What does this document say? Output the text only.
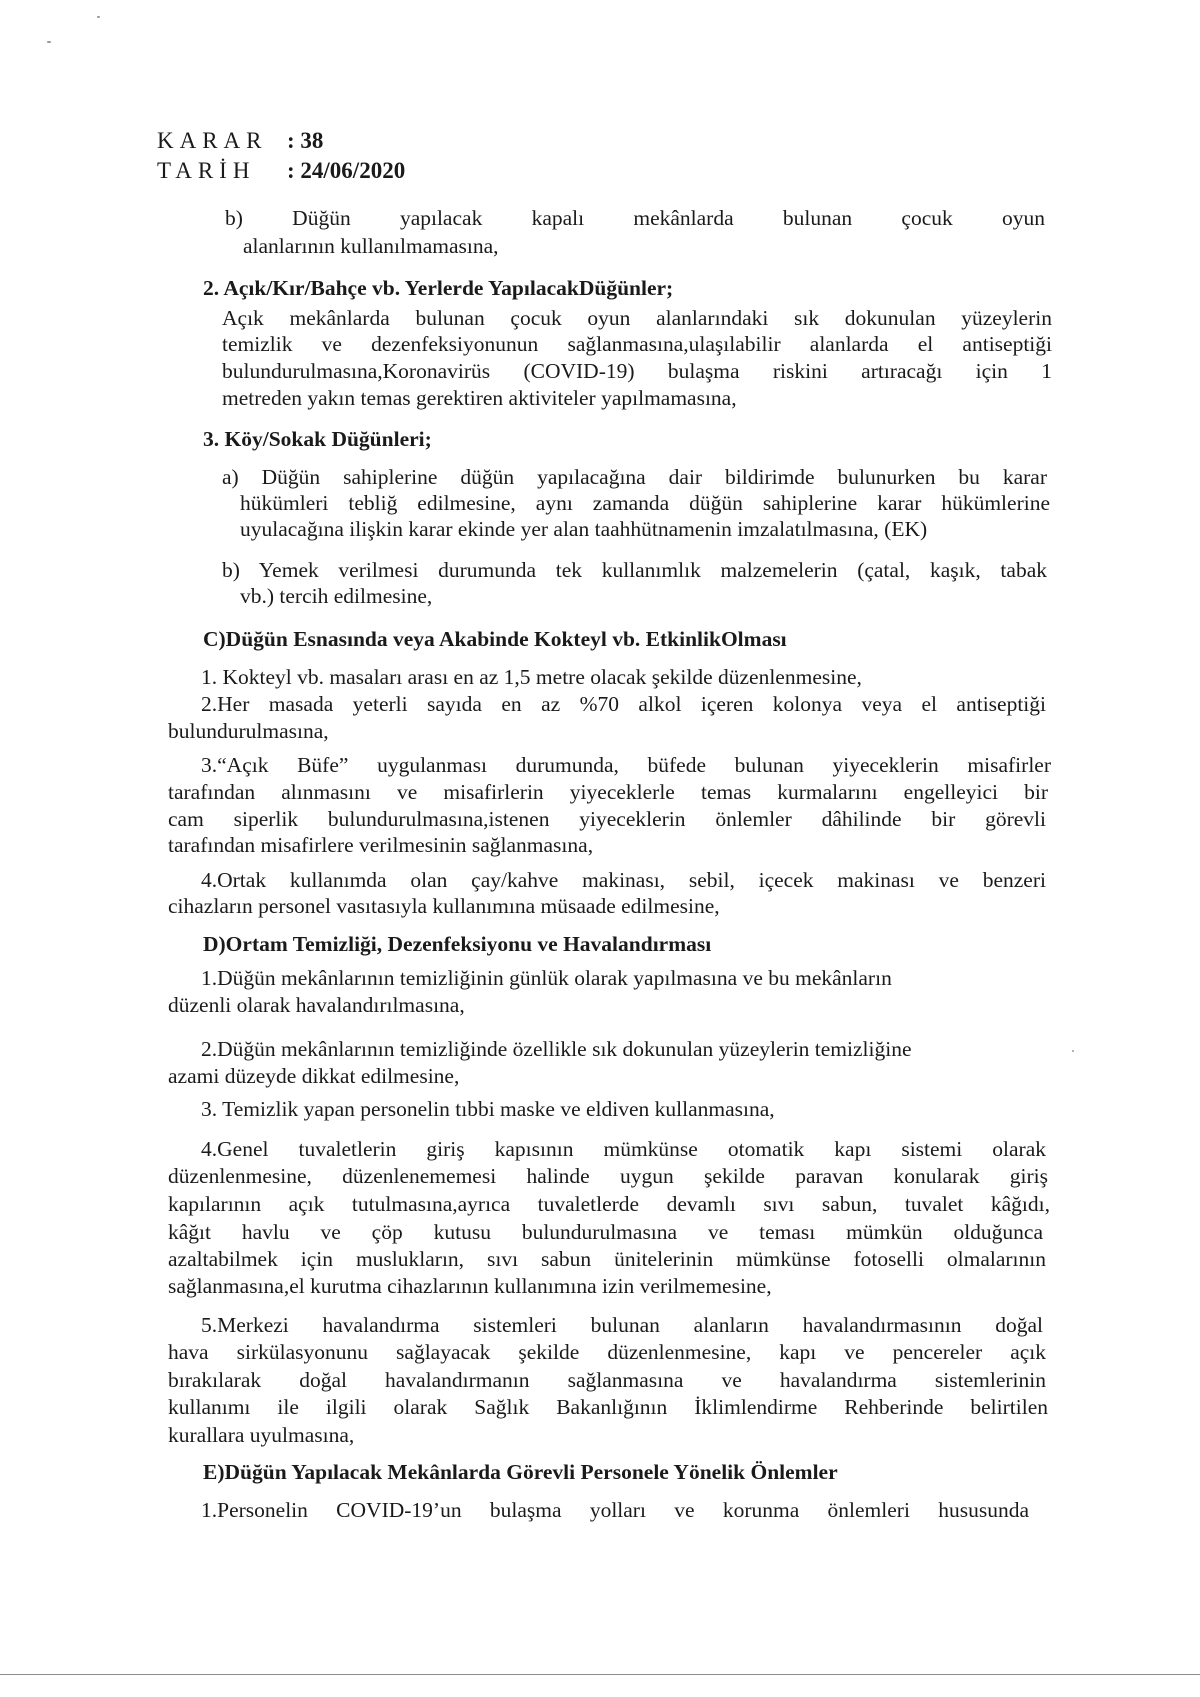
KARAR : 38
TARİH	: 24/06/2020
b) Düğün yapılacak kapalı mekânlarda bulunan çocuk oyun
alanlarının kullanılmamasına,
2. Açık/Kır/Bahçe vb. Yerlerde YapılacakDüğünler;
Açık mekânlarda bulunan çocuk oyun alanlarındaki sık dokunulan yüzeylerin
temizlik ve dezenfeksiyonunun sağlanmasına,ulaşılabilir alanlarda el antiseptiği
bulundurulmasına,Koronavirüs (COVID-19) bulaşma riskini artıracağı için 1
metreden yakın temas gerektiren aktiviteler yapılmamasına,
3. Köy/Sokak Düğünleri;
a) Düğün sahiplerine düğün yapılacağına dair bildirimde bulunurken bu karar
hükümleri tebliğ edilmesine, aynı zamanda düğün sahiplerine karar hükümlerine
uyulacağına ilişkin karar ekinde yer alan taahhütnamenin imzalatılmasına, (EK)
b) Yemek verilmesi durumunda tek kullanımlık malzemelerin (çatal, kaşık, tabak
vb.) tercih edilmesine,
C)Düğün Esnasında veya Akabinde Kokteyl vb. EtkinlikOlması
1. Kokteyl vb. masaları arası en az 1,5 metre olacak şekilde düzenlenmesine,
2.Her masada yeterli sayıda en az %70 alkol içeren kolonya veya el antiseptiği
bulundurulmasına,
3.“Açık Büfe” uygulanması durumunda, büfede bulunan yiyeceklerin misafirler
tarafından alınmasını ve misafirlerin yiyeceklerle temas kurmalarını engelleyici bir
cam siperlik bulundurulmasına,istenen yiyeceklerin önlemler dâhilinde bir görevli
tarafından misafirlere verilmesinin sağlanmasına,
4.Ortak kullanımda olan çay/kahve makinası, sebil, içecek makinası ve benzeri
cihazların personel vasıtasıyla kullanımına müsaade edilmesine,
D)Ortam Temizliği, Dezenfeksiyonu ve Havalandırması
1.Düğün mekânlarının temizliğinin günlük olarak yapılmasına ve bu mekânların
düzenli olarak havalandırılmasına,
2.Düğün mekânlarının temizliğinde özellikle sık dokunulan yüzeylerin temizliğine
azami düzeyde dikkat edilmesine,
3. Temizlik yapan personelin tıbbi maske ve eldiven kullanmasına,
4.Genel tuvaletlerin giriş kapısının mümkünse otomatik kapı sistemi olarak
düzenlenmesine, düzenlenememesi halinde uygun şekilde paravan konularak giriş
kapılarının açık tutulmasına,ayrıca tuvaletlerde devamlı sıvı sabun, tuvalet kâğıdı,
kâğıt havlu ve çöp kutusu bulundurulmasına ve teması mümkün olduğunca
azaltabilmek için muslukların, sıvı sabun ünitelerinin mümkünse fotoselli olmalarının
sağlanmasına,el kurutma cihazlarının kullanımına izin verilmemesine,
5.Merkezi havalandırma sistemleri bulunan alanların havalandırmasının doğal
hava sirkülasyonunu sağlayacak şekilde düzenlenmesine, kapı ve pencereler açık
bırakılarak doğal havalandırmanın sağlanmasına ve havalandırma sistemlerinin
kullanımı ile ilgili olarak Sağlık Bakanlığının İklimlendirme Rehberinde belirtilen
kurallara uyulmasına,
E)Düğün Yapılacak Mekânlarda Görevli Personele Yönelik Önlemler
1.Personelin COVID-19’un bulaşma yolları ve korunma önlemleri hususunda
